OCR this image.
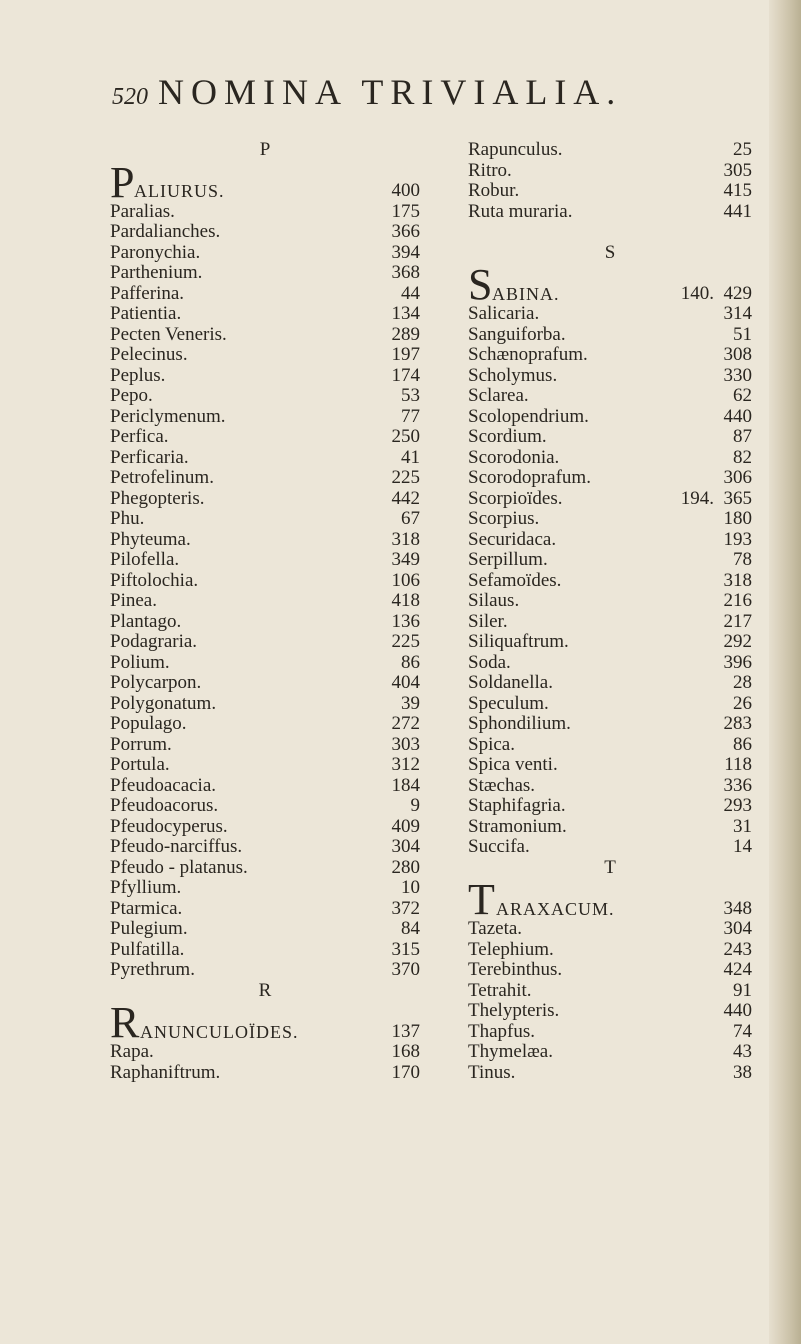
520 NOMINA TRIVIALIA.
P
P ALIURUS.	400
Paralias.	175
Pardalianches.	366
Paronychia.	394
Parthenium.	368
Pafferina.	44
Patientia.	134
Pecten Veneris.	289
Pelecinus.	197
Peplus.	174
Pepo.	53
Periclymenum.	77
Perfica.	250
Perficaria.	41
Petrofelinum.	225
Phegopteris.	442
Phu.	67
Phyteuma.	318
Pilofella.	349
Piftolochia.	106
Pinea.	418
Plantago.	136
Podagraria.	225
Polium.	86
Polycarpon.	404
Polygonatum.	39
Populago.	272
Porrum.	303
Portula.	312
Pfeudoacacia.	184
Pfeudoacorus.	9
Pfeudocyperus.	409
Pfeudo-narciffus.	304
Pfeudo - platanus.	280
Pfyllium.	10
Ptarmica.	372
Pulegium.	84
Pulfatilla.	315
Pyrethrum.	370
R
R ANUNCULOÏDES.	137
Rapa.	168
Raphaniftrum.	170
Rapunculus.	25
Ritro.	305
Robur.	415
Ruta muraria.	441
S
S ABINA.	140. 429
Salicaria.	314
Sanguiforba.	51
Schænoprafum.	308
Scholymus.	330
Sclarea.	62
Scolopendrium.	440
Scordium.	87
Scorodonia.	82
Scorodoprafum.	306
Scorpioïdes.	194. 365
Scorpius.	180
Securidaca.	193
Serpillum.	78
Sefamoïdes.	318
Silaus.	216
Siler.	217
Siliquaftrum.	292
Soda.	396
Soldanella.	28
Speculum.	26
Sphondilium.	283
Spica.	86
Spica venti.	118
Stæchas.	336
Staphifagria.	293
Stramonium.	31
Succifa.	14
T
T ARAXACUM.	348
Tazeta.	304
Telephium.	243
Terebinthus.	424
Tetrahit.	91
Thelypteris.	440
Thapfus.	74
Thymelæa.	43
Tinus.	38
